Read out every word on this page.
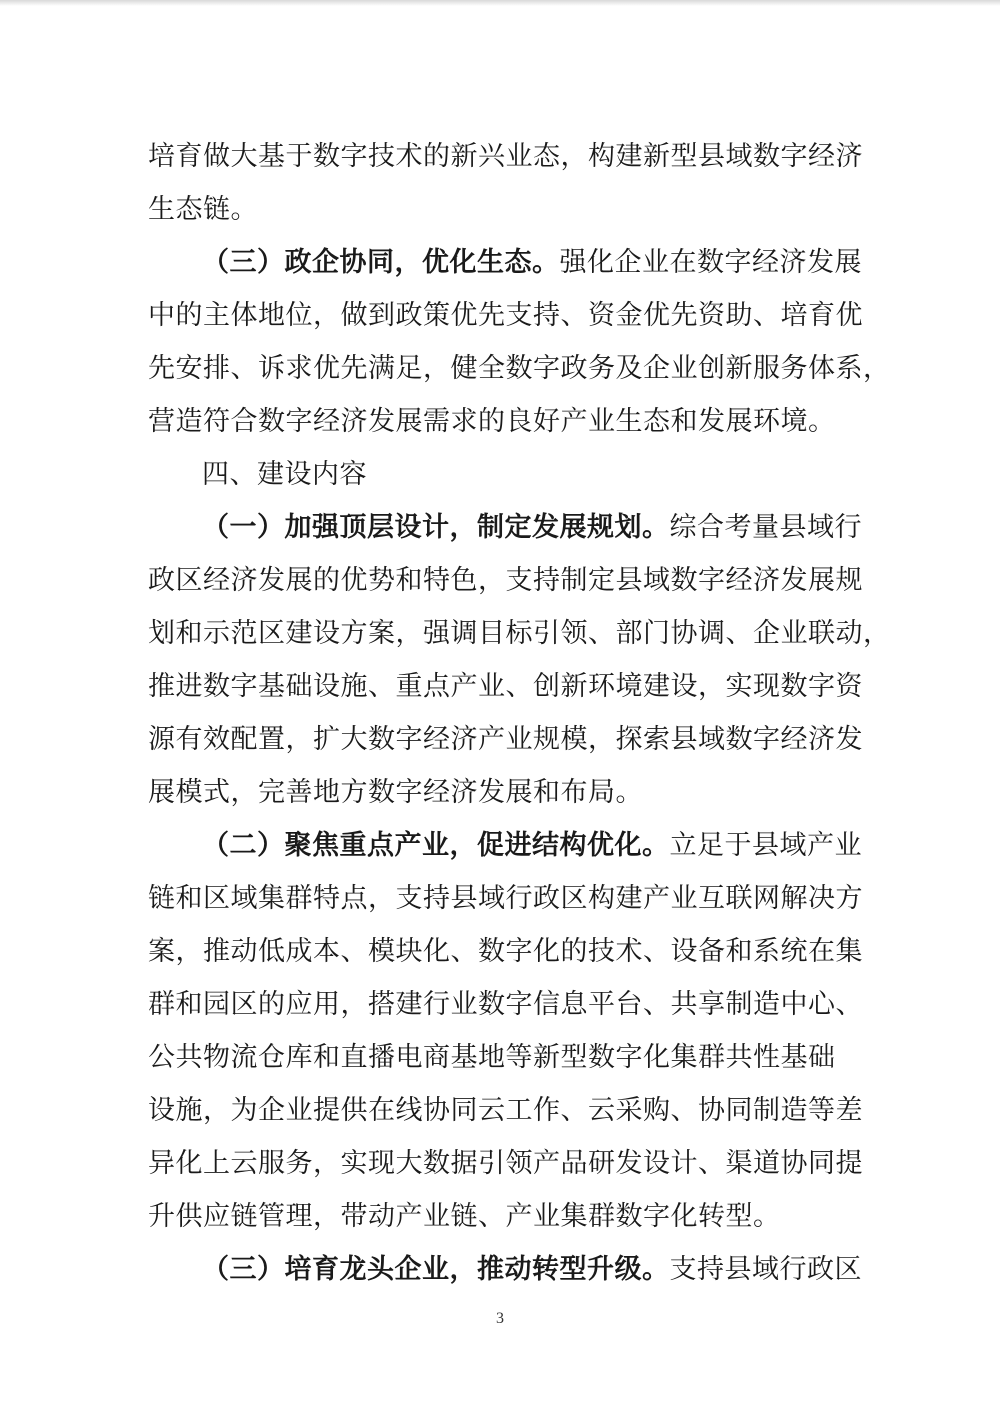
培育做大基于数字技术的新兴业态，构建新型县域数字经济
生态链。
（三）政企协同，优化生态。强化企业在数字经济发展
中的主体地位，做到政策优先支持、资金优先资助、培育优
先安排、诉求优先满足，健全数字政务及企业创新服务体系，
营造符合数字经济发展需求的良好产业生态和发展环境。
四、建设内容
（一）加强顶层设计，制定发展规划。综合考量县域行
政区经济发展的优势和特色，支持制定县域数字经济发展规
划和示范区建设方案，强调目标引领、部门协调、企业联动，
推进数字基础设施、重点产业、创新环境建设，实现数字资
源有效配置，扩大数字经济产业规模，探索县域数字经济发
展模式，完善地方数字经济发展和布局。
（二）聚焦重点产业，促进结构优化。立足于县域产业
链和区域集群特点，支持县域行政区构建产业互联网解决方
案，推动低成本、模块化、数字化的技术、设备和系统在集
群和园区的应用，搭建行业数字信息平台、共享制造中心、
公共物流仓库和直播电商基地等新型数字化集群共性基础
设施，为企业提供在线协同云工作、云采购、协同制造等差
异化上云服务，实现大数据引领产品研发设计、渠道协同提
升供应链管理，带动产业链、产业集群数字化转型。
（三）培育龙头企业，推动转型升级。支持县域行政区
3
